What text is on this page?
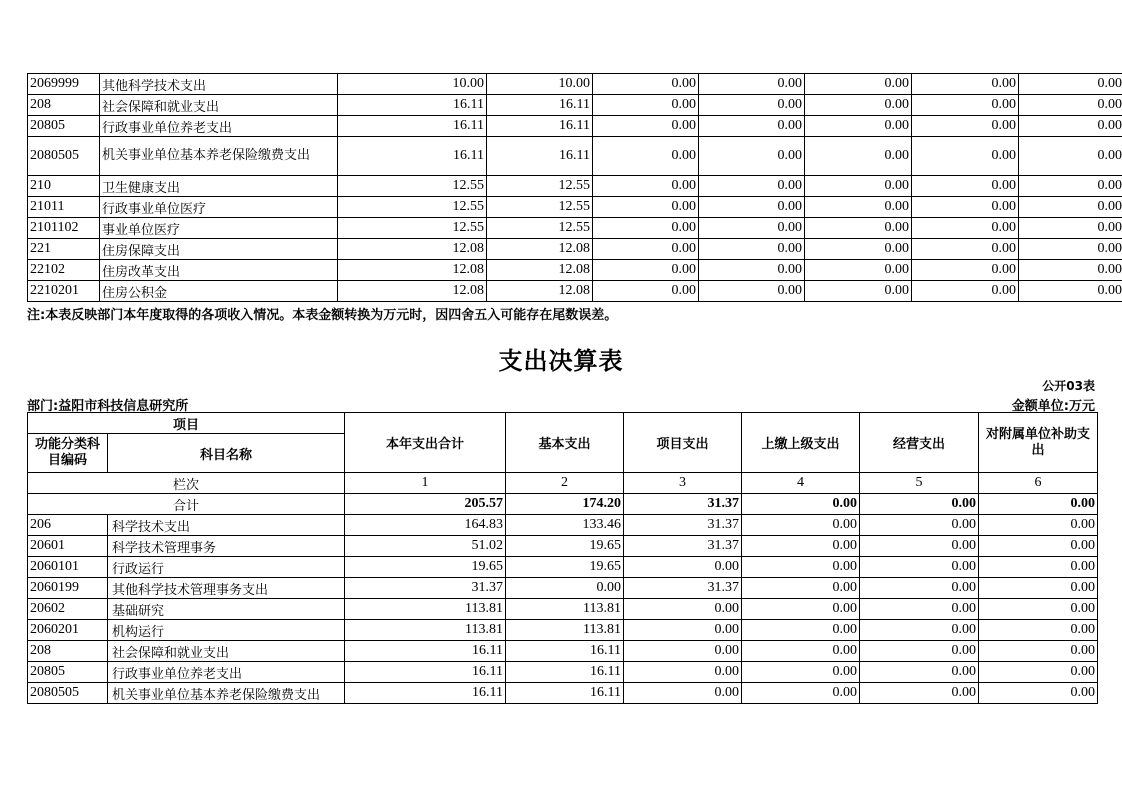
2069999	其他科学技术支出	10.00	10.00	0.00	0.00	0.00	0.00	0.00
208	社会保障和就业支出	16.11	16.11	0.00	0.00	0.00	0.00	0.00
20805	行政事业单位养老支出	16.11	16.11	0.00	0.00	0.00	0.00	0.00
2080505	机关事业单位基本养老保险缴费支出	16.11	16.11	0.00	0.00	0.00	0.00	0.00
210	卫生健康支出	12.55	12.55	0.00	0.00	0.00	0.00	0.00
21011	行政事业单位医疗	12.55	12.55	0.00	0.00	0.00	0.00	0.00
2101102	事业单位医疗	12.55	12.55	0.00	0.00	0.00	0.00	0.00
221	住房保障支出	12.08	12.08	0.00	0.00	0.00	0.00	0.00
22102	住房改革支出	12.08	12.08	0.00	0.00	0.00	0.00	0.00
2210201	住房公积金	12.08	12.08	0.00	0.00	0.00	0.00	0.00
注:本表反映部门本年度取得的各项收入情况。本表金额转换为万元时，因四舍五入可能存在尾数误差。
支出决算表
公开03表
部门:益阳市科技信息研究所	金额单位:万元
项目		本年支出合计	基本支出	项目支出	上缴上级支出	经营支出	对附属单位补助支出
功能分类科目编码	科目名称						
栏次		1	2	3	4	5	6
合计		205.57	174.20	31.37	0.00	0.00	0.00
206	科学技术支出	164.83	133.46	31.37	0.00	0.00	0.00
20601	科学技术管理事务	51.02	19.65	31.37	0.00	0.00	0.00
2060101	行政运行	19.65	19.65	0.00	0.00	0.00	0.00
2060199	其他科学技术管理事务支出	31.37	0.00	31.37	0.00	0.00	0.00
20602	基础研究	113.81	113.81	0.00	0.00	0.00	0.00
2060201	机构运行	113.81	113.81	0.00	0.00	0.00	0.00
208	社会保障和就业支出	16.11	16.11	0.00	0.00	0.00	0.00
20805	行政事业单位养老支出	16.11	16.11	0.00	0.00	0.00	0.00
2080505	机关事业单位基本养老保险缴费支出	16.11	16.11	0.00	0.00	0.00	0.00
